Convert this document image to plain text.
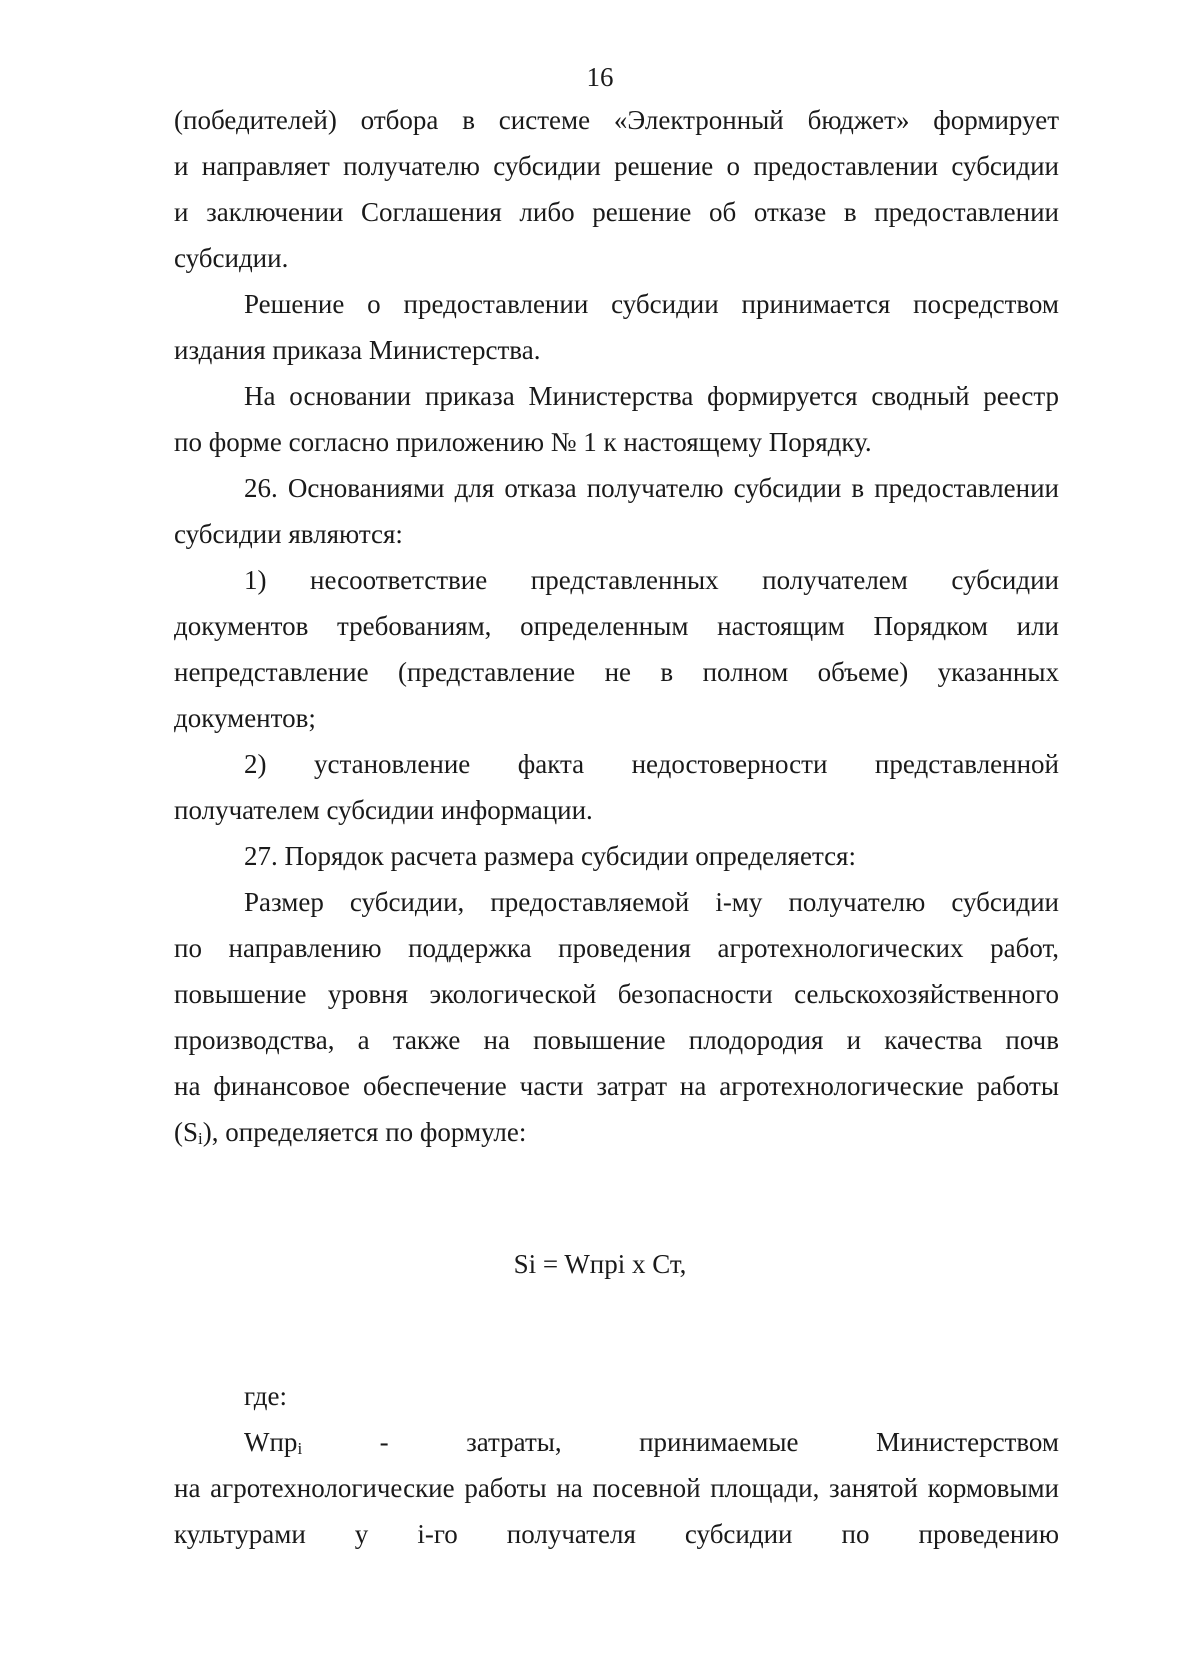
16
(победителей) отбора в системе «Электронный бюджет» формирует
и направляет получателю субсидии решение о предоставлении субсидии
и заключении Соглашения либо решение об отказе в предоставлении
субсидии.
Решение о предоставлении субсидии принимается посредством
издания приказа Министерства.
На основании приказа Министерства формируется сводный реестр
по форме согласно приложению № 1 к настоящему Порядку.
26. Основаниями для отказа получателю субсидии в предоставлении
субсидии являются:
1) несоответствие представленных получателем субсидии
документов требованиям, определенным настоящим Порядком или
непредставление (представление не в полном объеме) указанных
документов;
2) установление факта недостоверности представленной
получателем субсидии информации.
27. Порядок расчета размера субсидии определяется:
Размер субсидии, предоставляемой i-му получателю субсидии
по направлению поддержка проведения агротехнологических работ,
повышение уровня экологической безопасности сельскохозяйственного
производства, а также на повышение плодородия и качества почв
на финансовое обеспечение части затрат на агротехнологические работы
$(S_i)$, определяется по формуле:
где:
Wпр$_i$ - затраты, принимаемые Министерством
на агротехнологические работы на посевной площади, занятой кормовыми
культурами у i-го получателя субсидии по проведению
Si = Wпрi x Ст,
